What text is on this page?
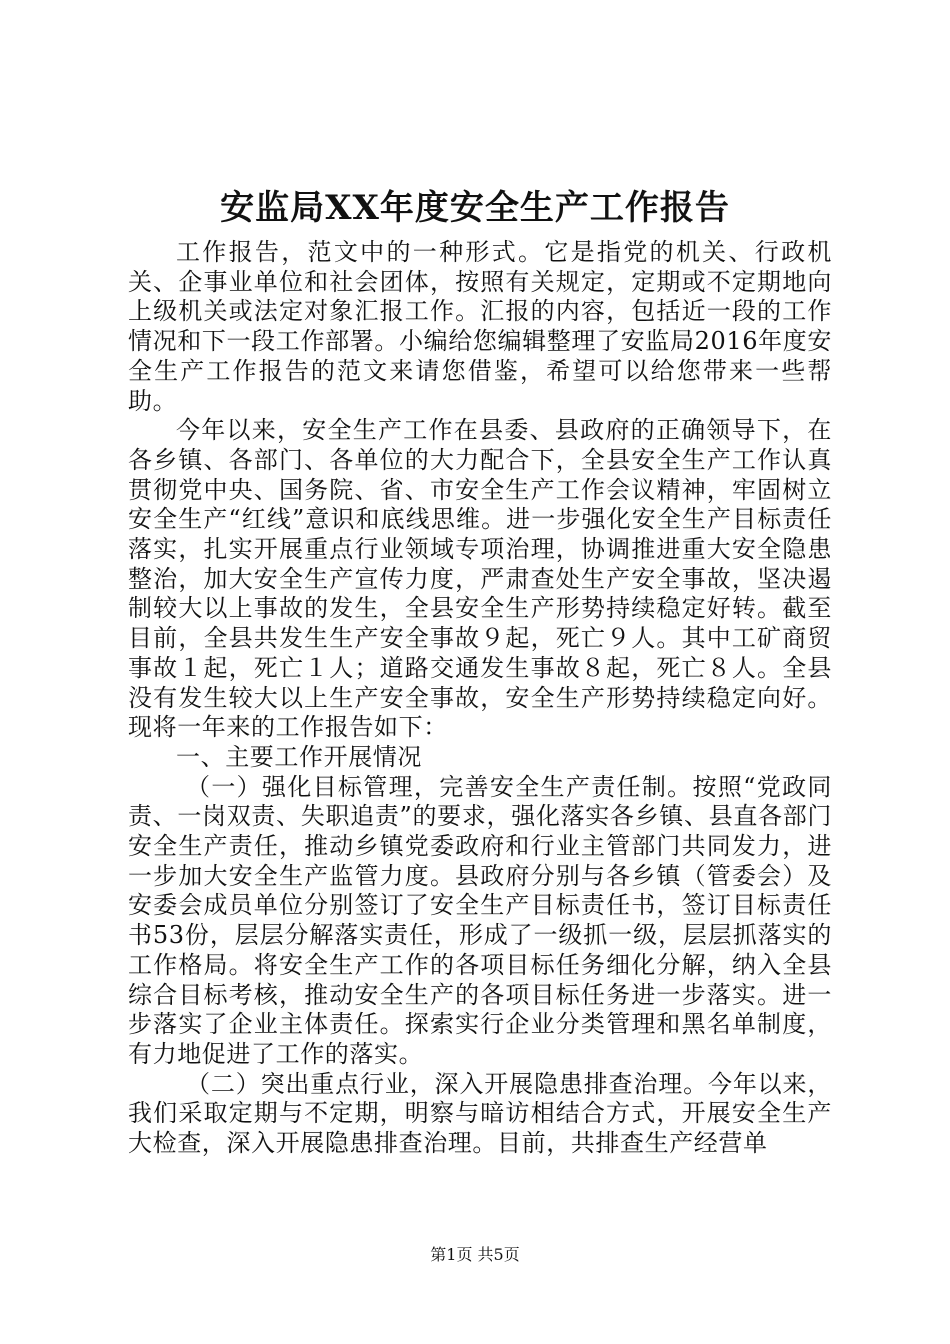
安监局XX年度安全生产工作报告

工作报告，范文中的一种形式。它是指党的机关、行政机关、企事业单位和社会团体，按照有关规定，定期或不定期地向上级机关或法定对象汇报工作。汇报的内容，包括近一段的工作情况和下一段工作部署。小编给您编辑整理了安监局2016年度安全生产工作报告的范文来请您借鉴，希望可以给您带来一些帮助。

今年以来，安全生产工作在县委、县政府的正确领导下，在各乡镇、各部门、各单位的大力配合下，全县安全生产工作认真贯彻党中央、国务院、省、市安全生产工作会议精神，牢固树立安全生产“红线”意识和底线思维。进一步强化安全生产目标责任落实，扎实开展重点行业领域专项治理，协调推进重大安全隐患整治，加大安全生产宣传力度，严肃查处生产安全事故，坚决遏制较大以上事故的发生，全县安全生产形势持续稳定好转。截至目前，全县共发生生产安全事故９起，死亡９人。其中工矿商贸事故１起，死亡１人；道路交通发生事故８起，死亡８人。全县没有发生较大以上生产安全事故，安全生产形势持续稳定向好。现将一年来的工作报告如下：

一、主要工作开展情况

（一）强化目标管理，完善安全生产责任制。按照“党政同责、一岗双责、失职追责”的要求，强化落实各乡镇、县直各部门安全生产责任，推动乡镇党委政府和行业主管部门共同发力，进一步加大安全生产监管力度。县政府分别与各乡镇（管委会）及安委会成员单位分别签订了安全生产目标责任书，签订目标责任书53份，层层分解落实责任，形成了一级抓一级，层层抓落实的工作格局。将安全生产工作的各项目标任务细化分解，纳入全县综合目标考核，推动安全生产的各项目标任务进一步落实。进一步落实了企业主体责任。探索实行企业分类管理和黑名单制度，有力地促进了工作的落实。

（二）突出重点行业，深入开展隐患排查治理。今年以来，我们采取定期与不定期，明察与暗访相结合方式，开展安全生产大检查，深入开展隐患排查治理。目前，共排查生产经营单

第1页 共5页
